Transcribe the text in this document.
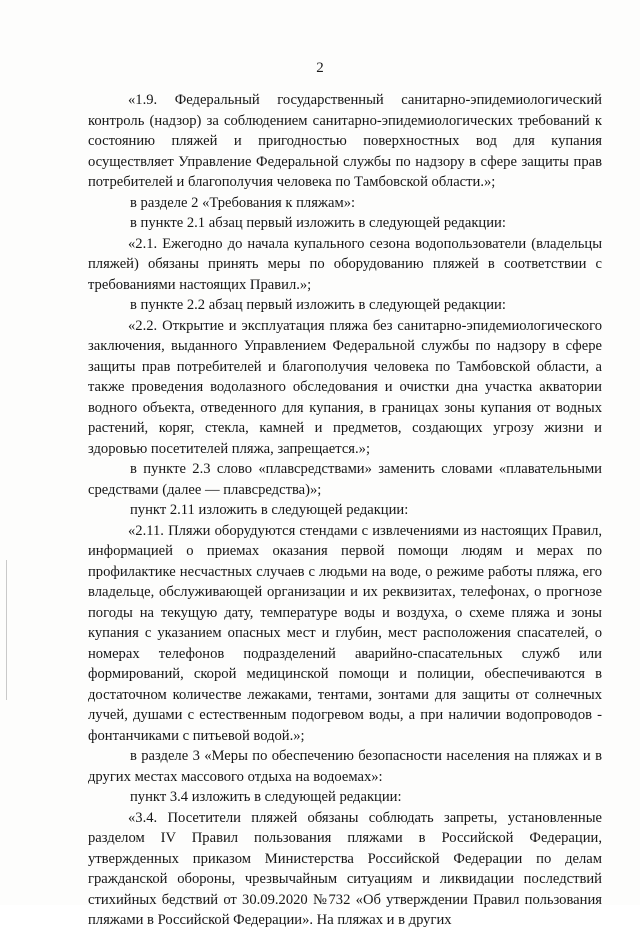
2

«1.9. Федеральный государственный санитарно-эпидемиологический контроль (надзор) за соблюдением санитарно-эпидемиологических требований к состоянию пляжей и пригодностью поверхностных вод для купания осуществляет Управление Федеральной службы по надзору в сфере защиты прав потребителей и благополучия человека по Тамбовской области.»;

в разделе 2 «Требования к пляжам»:

в пункте 2.1 абзац первый изложить в следующей редакции:

«2.1. Ежегодно до начала купального сезона водопользователи (владельцы пляжей) обязаны принять меры по оборудованию пляжей в соответствии с требованиями настоящих Правил.»;

в пункте 2.2 абзац первый изложить в следующей редакции:

«2.2. Открытие и эксплуатация пляжа без санитарно-эпидемиологического заключения, выданного Управлением Федеральной службы по надзору в сфере защиты прав потребителей и благополучия человека по Тамбовской области, а также проведения водолазного обследования и очистки дна участка акватории водного объекта, отведенного для купания, в границах зоны купания от водных растений, коряг, стекла, камней и предметов, создающих угрозу жизни и здоровью посетителей пляжа, запрещается.»;

в пункте 2.3 слово «плавсредствами» заменить словами «плавательными средствами (далее — плавсредства)»;

пункт 2.11 изложить в следующей редакции:

«2.11. Пляжи оборудуются стендами с извлечениями из настоящих Правил, информацией о приемах оказания первой помощи людям и мерах по профилактике несчастных случаев с людьми на воде, о режиме работы пляжа, его владельце, обслуживающей организации и их реквизитах, телефонах, о прогнозе погоды на текущую дату, температуре воды и воздуха, о схеме пляжа и зоны купания с указанием опасных мест и глубин, мест расположения спасателей, о номерах телефонов подразделений аварийно-спасательных служб или формирований, скорой медицинской помощи и полиции, обеспечиваются в достаточном количестве лежаками, тентами, зонтами для защиты от солнечных лучей, душами с естественным подогревом воды, а при наличии водопроводов - фонтанчиками с питьевой водой.»;

в разделе 3 «Меры по обеспечению безопасности населения на пляжах и в других местах массового отдыха на водоемах»:

пункт 3.4 изложить в следующей редакции:

«3.4. Посетители пляжей обязаны соблюдать запреты, установленные разделом IV Правил пользования пляжами в Российской Федерации, утвержденных приказом Министерства Российской Федерации по делам гражданской обороны, чрезвычайным ситуациям и ликвидации последствий стихийных бедствий от 30.09.2020 №732 «Об утверждении Правил пользования пляжами в Российской Федерации». На пляжах и в других
